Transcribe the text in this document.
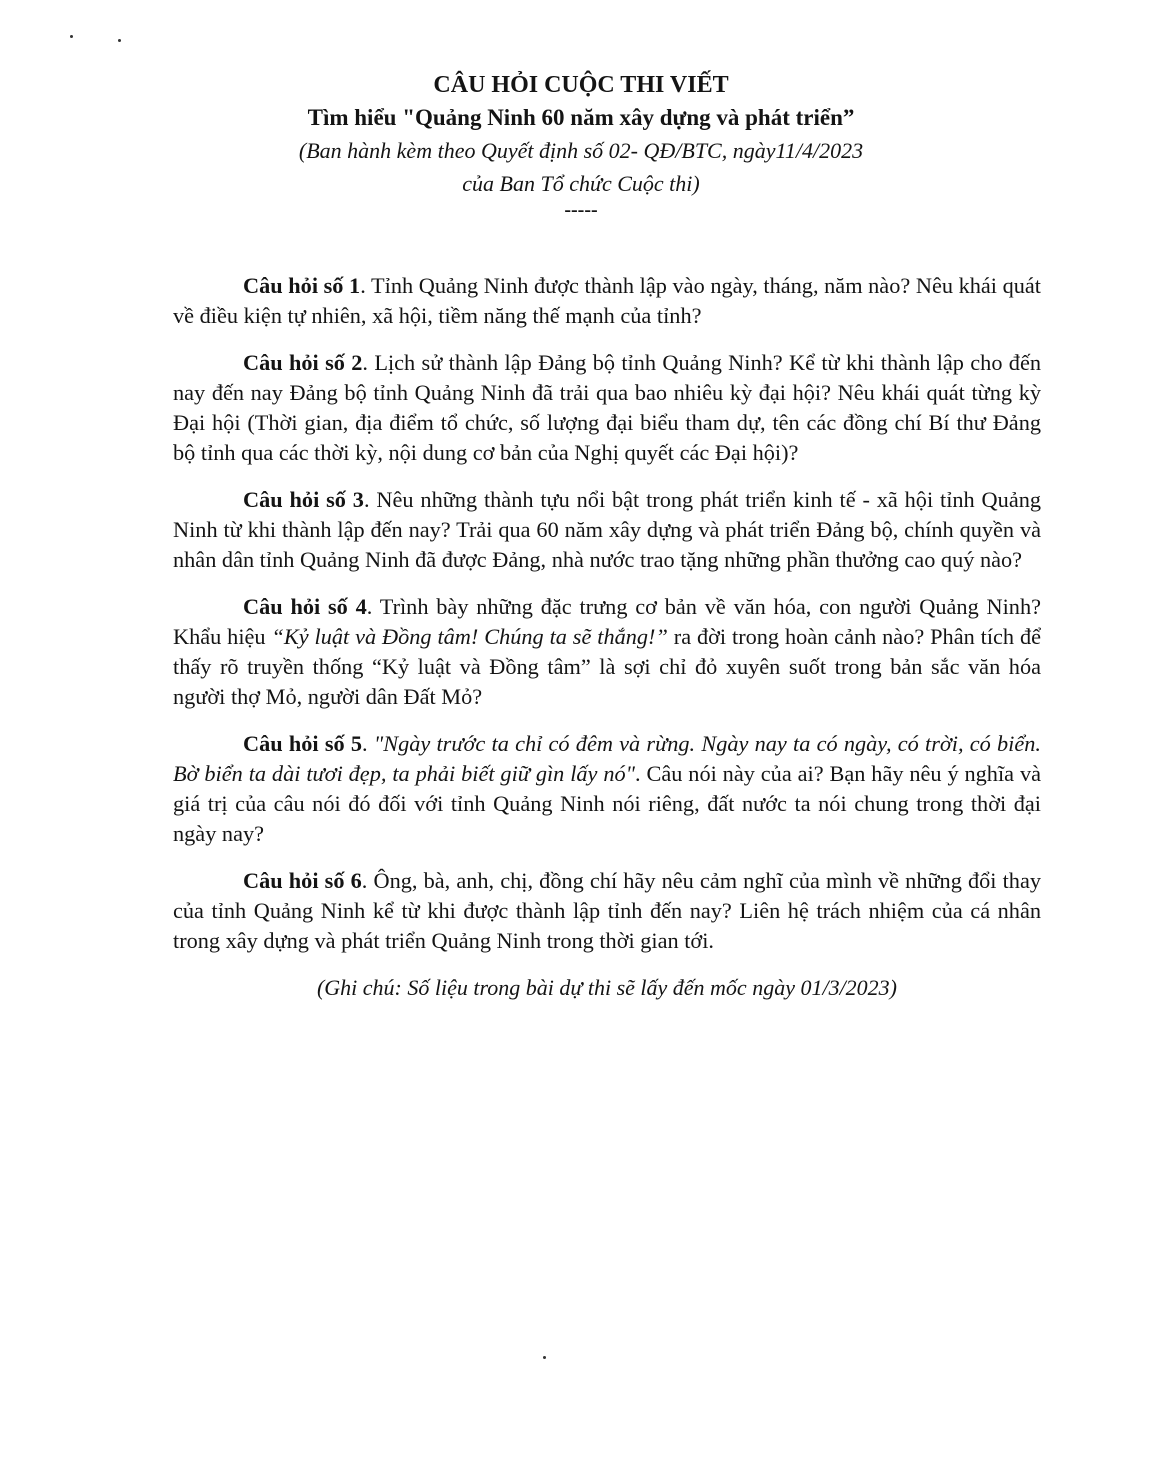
CÂU HỎI CUỘC THI VIẾT
Tìm hiểu "Quảng Ninh 60 năm xây dựng và phát triển”
(Ban hành kèm theo Quyết định số 02- QĐ/BTC, ngày11/4/2023
của Ban Tổ chức Cuộc thi)
-----

Câu hỏi số 1. Tỉnh Quảng Ninh được thành lập vào ngày, tháng, năm nào? Nêu khái quát về điều kiện tự nhiên, xã hội, tiềm năng thế mạnh của tỉnh?

Câu hỏi số 2. Lịch sử thành lập Đảng bộ tỉnh Quảng Ninh? Kể từ khi thành lập cho đến nay đến nay Đảng bộ tỉnh Quảng Ninh đã trải qua bao nhiêu kỳ đại hội? Nêu khái quát từng kỳ Đại hội (Thời gian, địa điểm tổ chức, số lượng đại biểu tham dự, tên các đồng chí Bí thư Đảng bộ tỉnh qua các thời kỳ, nội dung cơ bản của Nghị quyết các Đại hội)?

Câu hỏi số 3. Nêu những thành tựu nổi bật trong phát triển kinh tế - xã hội tỉnh Quảng Ninh từ khi thành lập đến nay? Trải qua 60 năm xây dựng và phát triển Đảng bộ, chính quyền và nhân dân tỉnh Quảng Ninh đã được Đảng, nhà nước trao tặng những phần thưởng cao quý nào?

Câu hỏi số 4. Trình bày những đặc trưng cơ bản về văn hóa, con người Quảng Ninh? Khẩu hiệu “Kỷ luật và Đồng tâm! Chúng ta sẽ thắng!” ra đời trong hoàn cảnh nào? Phân tích để thấy rõ truyền thống “Kỷ luật và Đồng tâm” là sợi chỉ đỏ xuyên suốt trong bản sắc văn hóa người thợ Mỏ, người dân Đất Mỏ?

Câu hỏi số 5. "Ngày trước ta chỉ có đêm và rừng. Ngày nay ta có ngày, có trời, có biển. Bờ biển ta dài tươi đẹp, ta phải biết giữ gìn lấy nó". Câu nói này của ai? Bạn hãy nêu ý nghĩa và giá trị của câu nói đó đối với tỉnh Quảng Ninh nói riêng, đất nước ta nói chung trong thời đại ngày nay?

Câu hỏi số 6. Ông, bà, anh, chị, đồng chí hãy nêu cảm nghĩ của mình về những đổi thay của tỉnh Quảng Ninh kể từ khi được thành lập tỉnh đến nay? Liên hệ trách nhiệm của cá nhân trong xây dựng và phát triển Quảng Ninh trong thời gian tới.

(Ghi chú: Số liệu trong bài dự thi sẽ lấy đến mốc ngày 01/3/2023)
